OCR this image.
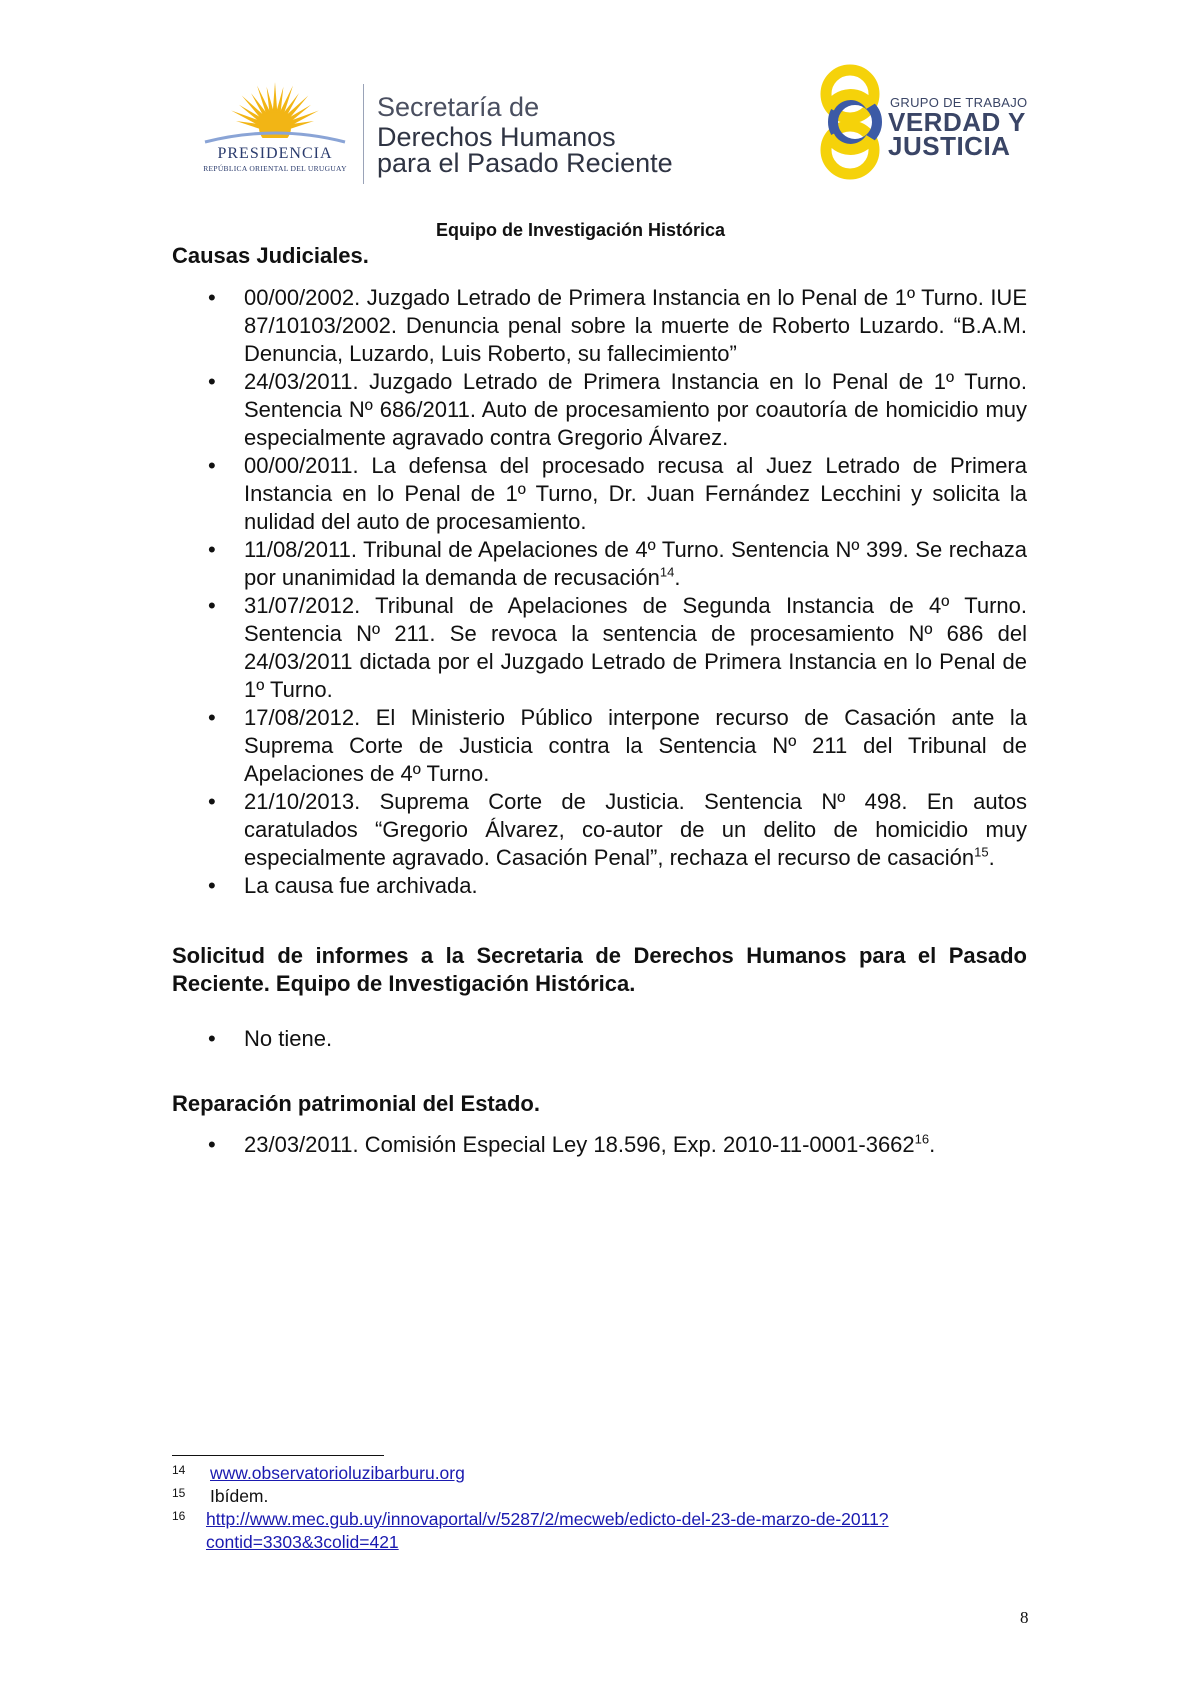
PRESIDENCIA
REPÚBLICA ORIENTAL DEL URUGUAY
Secretaría de
Derechos Humanos
para el Pasado Reciente
GRUPO DE TRABAJO
VERDAD Y
JUSTICIA
Equipo de Investigación Histórica
Causas Judiciales.
• 00/00/2002. Juzgado Letrado de Primera Instancia en lo Penal de 1º Turno. IUE 87/10103/2002. Denuncia penal sobre la muerte de Roberto Luzardo. “B.A.M. Denuncia, Luzardo, Luis Roberto, su fallecimiento”
• 24/03/2011. Juzgado Letrado de Primera Instancia en lo Penal de 1º Turno. Sentencia Nº 686/2011. Auto de procesamiento por coautoría de homicidio muy especialmente agravado contra Gregorio Álvarez.
• 00/00/2011. La defensa del procesado recusa al Juez Letrado de Primera Instancia en lo Penal de 1º Turno, Dr. Juan Fernández Lecchini y solicita la nulidad del auto de procesamiento.
• 11/08/2011. Tribunal de Apelaciones de 4º Turno. Sentencia Nº 399. Se rechaza por unanimidad la demanda de recusación$^{14}$.
• 31/07/2012. Tribunal de Apelaciones de Segunda Instancia de 4º Turno. Sentencia Nº 211. Se revoca la sentencia de procesamiento Nº 686 del 24/03/2011 dictada por el Juzgado Letrado de Primera Instancia en lo Penal de 1º Turno.
• 17/08/2012. El Ministerio Público interpone recurso de Casación ante la Suprema Corte de Justicia contra la Sentencia Nº 211 del Tribunal de Apelaciones de 4º Turno.
• 21/10/2013. Suprema Corte de Justicia. Sentencia Nº 498. En autos caratulados “Gregorio Álvarez, co-autor de un delito de homicidio muy especialmente agravado. Casación Penal”, rechaza el recurso de casación$^{15}$.
• La causa fue archivada.
Solicitud de informes a la Secretaria de Derechos Humanos para el Pasado Reciente. Equipo de Investigación Histórica.
• No tiene.
Reparación patrimonial del Estado.
• 23/03/2011. Comisión Especial Ley 18.596, Exp. 2010-11-0001-3662$^{16}$.
14 www.observatorioluzibarburu.org
15 Ibídem.
16 http://www.mec.gub.uy/innovaportal/v/5287/2/mecweb/edicto-del-23-de-marzo-de-2011?
contid=3303&3colid=421
8
